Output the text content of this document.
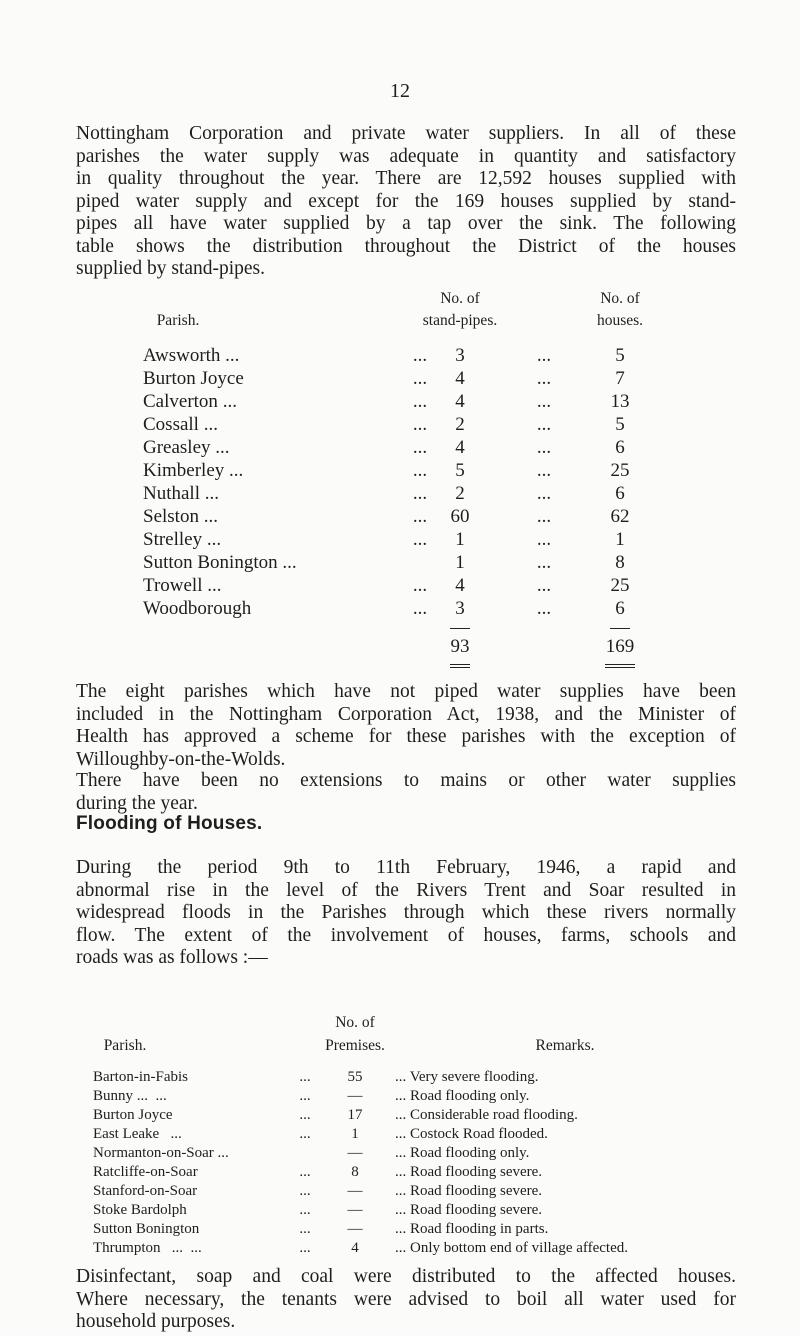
12
Nottingham Corporation and private water suppliers. In all of these
parishes the water supply was adequate in quantity and satisfactory
in quality throughout the year. There are 12,592 houses supplied with
piped water supply and except for the 169 houses supplied by stand-
pipes all have water supplied by a tap over the sink. The following
table shows the distribution throughout the District of the houses
supplied by stand-pipes.
Parish.
No. of
stand-pipes.
No. of
houses.
Awsworth ...	...	3	...	5
Burton Joyce	...	4	...	7
Calverton ...	...	4	...	13
Cossall ...	...	2	...	5
Greasley ...	...	4	...	6
Kimberley ...	...	5	...	25
Nuthall ...	...	2	...	6
Selston ...	...	60	...	62
Strelley ...	...	1	...	1
Sutton Bonington ...	1	...	8
Trowell ...	...	4	...	25
Woodborough	...	3	...	6
93	169
The eight parishes which have not piped water supplies have been
included in the Nottingham Corporation Act, 1938, and the Minister of
Health has approved a scheme for these parishes with the exception of
Willoughby-on-the-Wolds.
There have been no extensions to mains or other water supplies
during the year.
Flooding of Houses.
During the period 9th to 11th February, 1946, a rapid and
abnormal rise in the level of the Rivers Trent and Soar resulted in
widespread floods in the Parishes through which these rivers normally
flow. The extent of the involvement of houses, farms, schools and
roads was as follows :—
Parish.
No. of
Premises.	Remarks.
Barton-in-Fabis	...	55	... Very severe flooding.
Bunny ...  ...	...	—	... Road flooding only.
Burton Joyce	...	17	... Considerable road flooding.
East Leake   ...	...	1	... Costock Road flooded.
Normanton-on-Soar ...	—	... Road flooding only.
Ratcliffe-on-Soar	...	8	... Road flooding severe.
Stanford-on-Soar	...	—	... Road flooding severe.
Stoke Bardolph	...	—	... Road flooding severe.
Sutton Bonington	...	—	... Road flooding in parts.
Thrumpton   ...  ...	...	4	... Only bottom end of village affected.
Disinfectant, soap and coal were distributed to the affected houses.
Where necessary, the tenants were advised to boil all water used for
household purposes.
